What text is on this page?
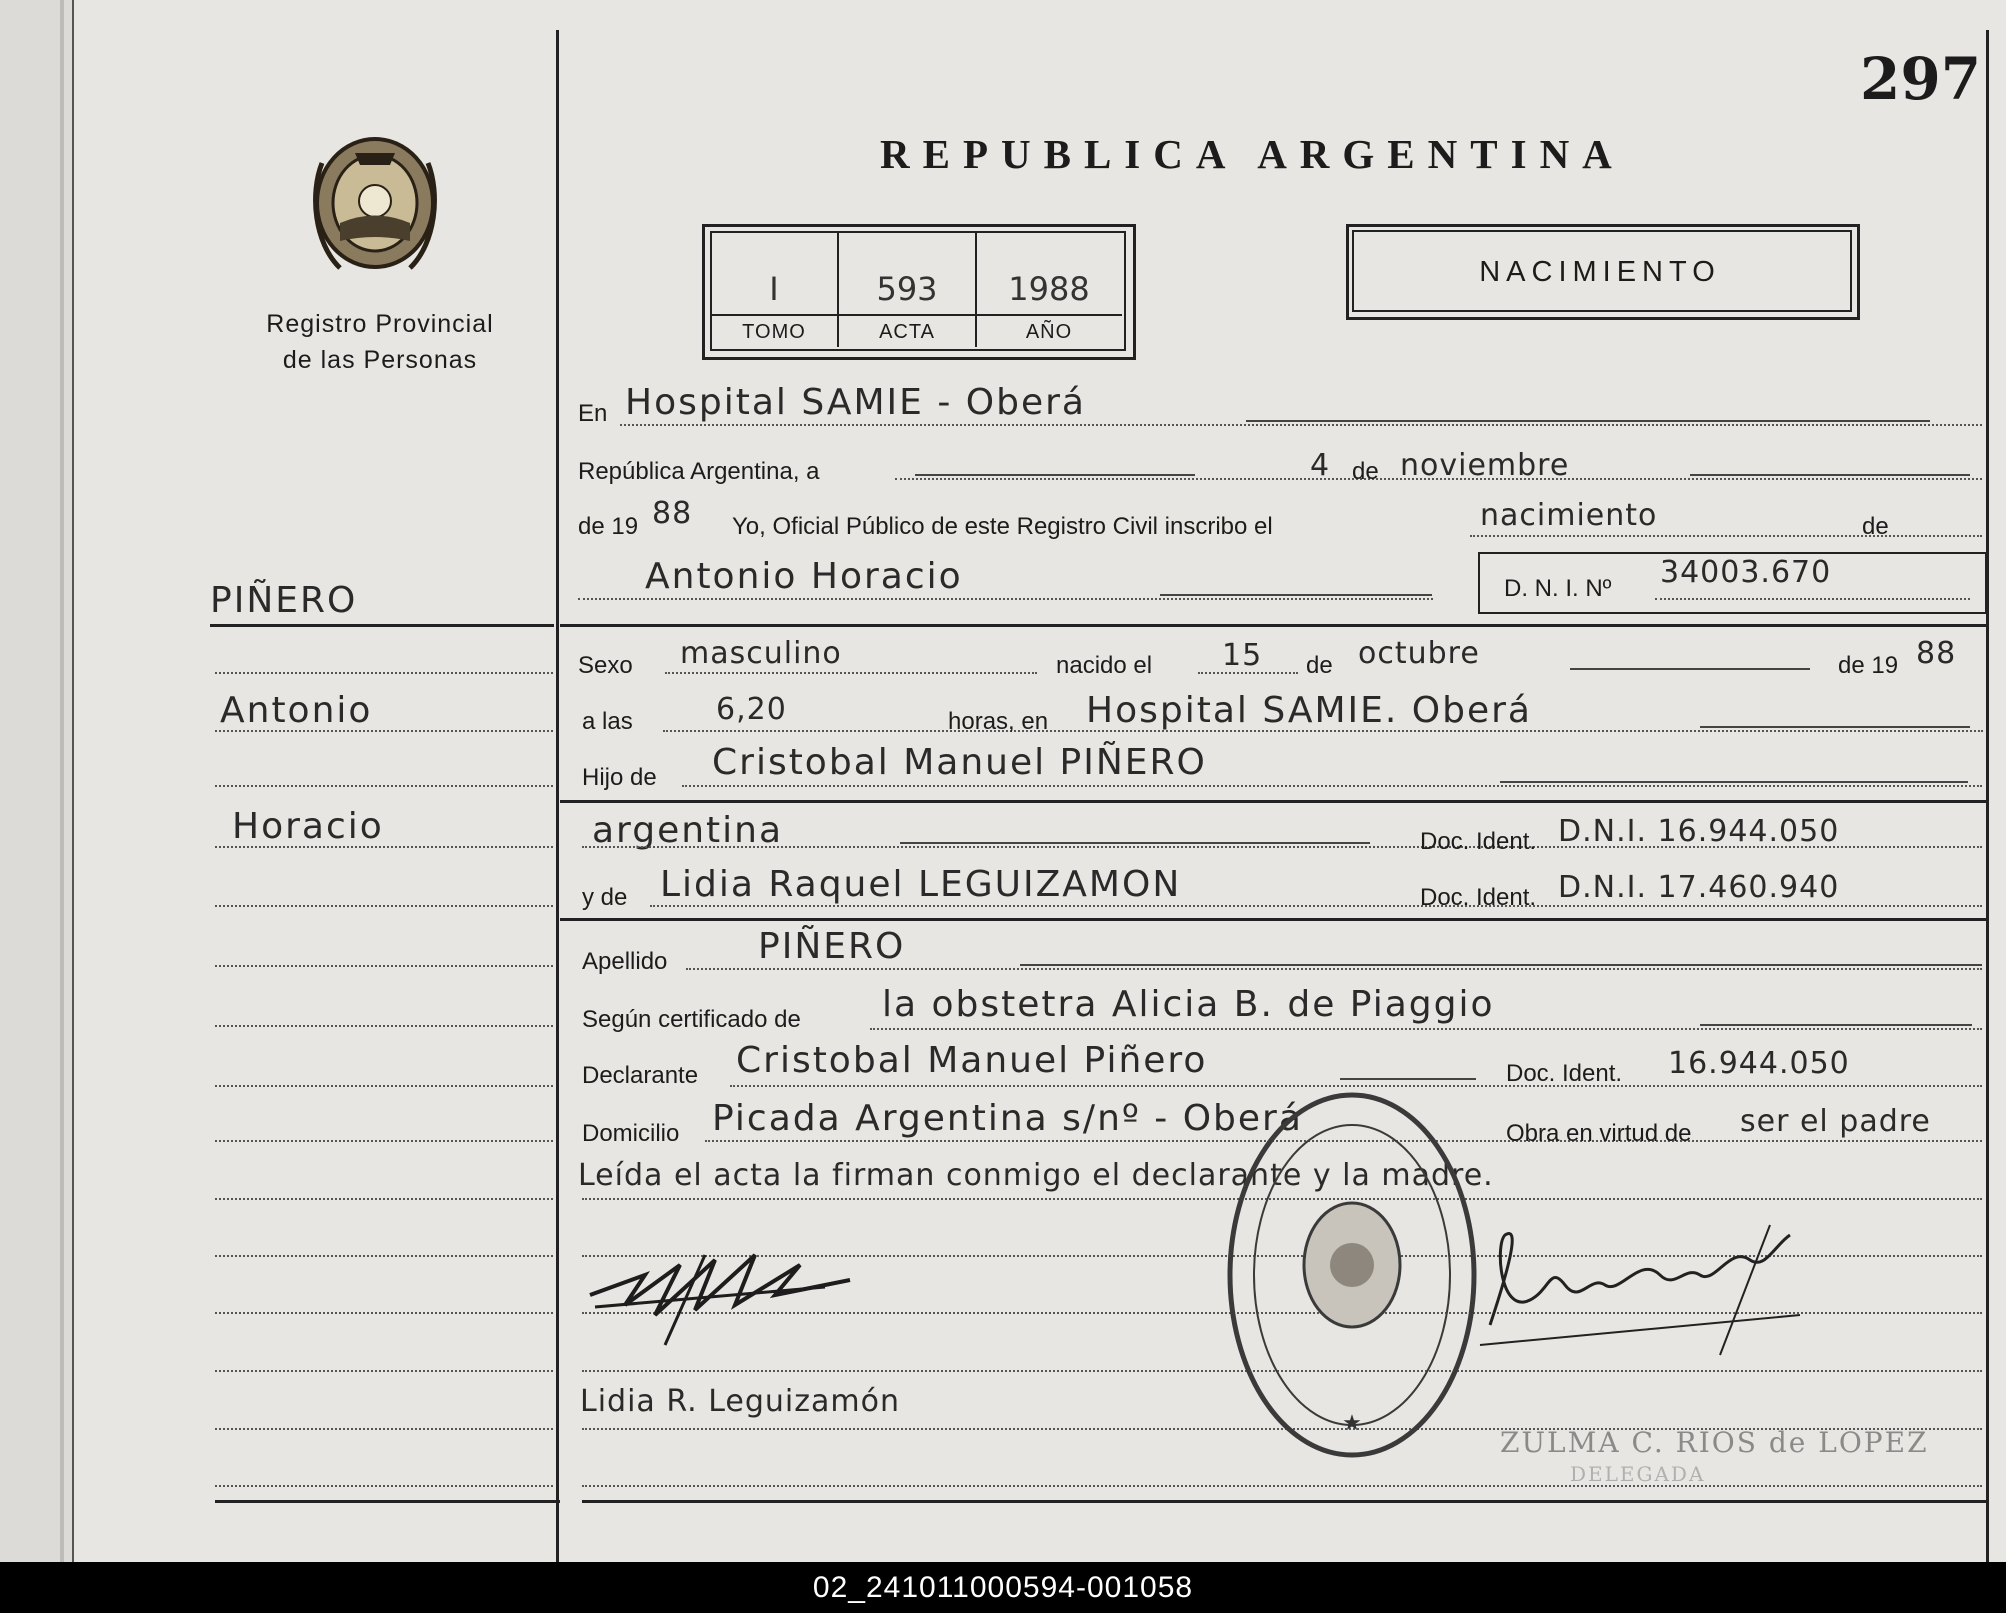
Registro Provincial
de las Personas
297
REPUBLICA ARGENTINA
I	593	1988
TOMO	ACTA	AÑO
NACIMIENTO
PIÑERO
Antonio
Horacio
En Hospital SAMIE - Oberá
República Argentina, a	4 de noviembre
de 19 88 Yo, Oficial Público de este Registro Civil inscribo el	nacimiento	de
Antonio Horacio	D. N. I. Nº 34003.670
Sexo masculino	nacido el 15 de octubre	de 19 88
a las	6,20	horas, en Hospital SAMIE. Oberá
Hijo de Cristobal Manuel PIÑERO
argentina	Doc. Ident. D.N.I. 16.944.050
y de Lidia Raquel LEGUIZAMON	Doc. Ident. D.N.I. 17.460.940
Apellido	PIÑERO
Según certificado de la obstetra Alicia B. de Piaggio
Declarante Cristobal Manuel Piñero	Doc. Ident. 16.944.050
Domicilio Picada Argentina s/nº - Oberá	Obra en virtud de ser el padre
Leída el acta la firman conmigo el declarante y la madre.
Lidia R. Leguizamón
★
ZULMA C. RIOS de LOPEZ
DELEGADA
02_241011000594-001058
